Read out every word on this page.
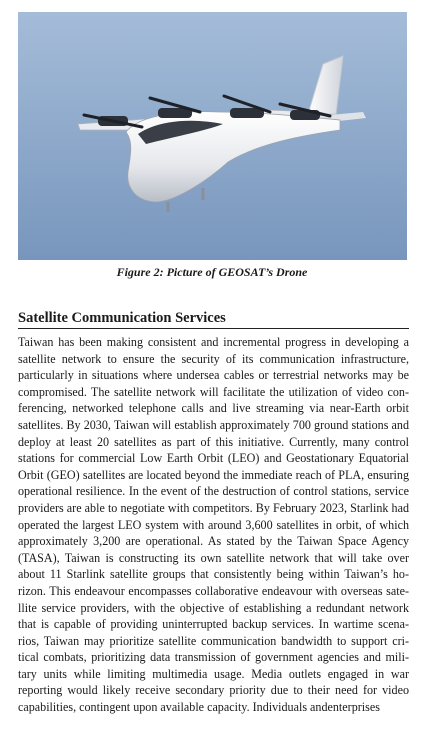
Figure 2: Picture of GEOSAT’s Drone
Satellite Communication Services
Taiwan has been making consistent and incremental progress in developing a
satellite network to ensure the security of its communication infrastructure,
particularly in situations where undersea cables or terrestrial networks may be
compromised. The satellite network will facilitate the utilization of video con-
ferencing, networked telephone calls and live streaming via near-Earth orbit
satellites. By 2030, Taiwan will establish approximately 700 ground stations and
deploy at least 20 satellites as part of this initiative. Currently, many control
stations for commercial Low Earth Orbit (LEO) and Geostationary Equatorial
Orbit (GEO) satellites are located beyond the immediate reach of PLA, ensuring
operational resilience. In the event of the destruction of control stations, service
providers are able to negotiate with competitors. By February 2023, Starlink had
operated the largest LEO system with around 3,600 satellites in orbit, of which
approximately 3,200 are operational. As stated by the Taiwan Space Agency
(TASA), Taiwan is constructing its own satellite network that will take over
about 11 Starlink satellite groups that consistently being within Taiwan’s ho-
rizon. This endeavour encompasses collaborative endeavour with overseas sate-
llite service providers, with the objective of establishing a redundant network
that is capable of providing uninterrupted backup services. In wartime scena-
rios, Taiwan may prioritize satellite communication bandwidth to support cri-
tical combats, prioritizing data transmission of government agencies and mili-
tary units while limiting multimedia usage. Media outlets engaged in war
reporting would likely receive secondary priority due to their need for video
capabilities, contingent upon available capacity. Individuals andenterprises
